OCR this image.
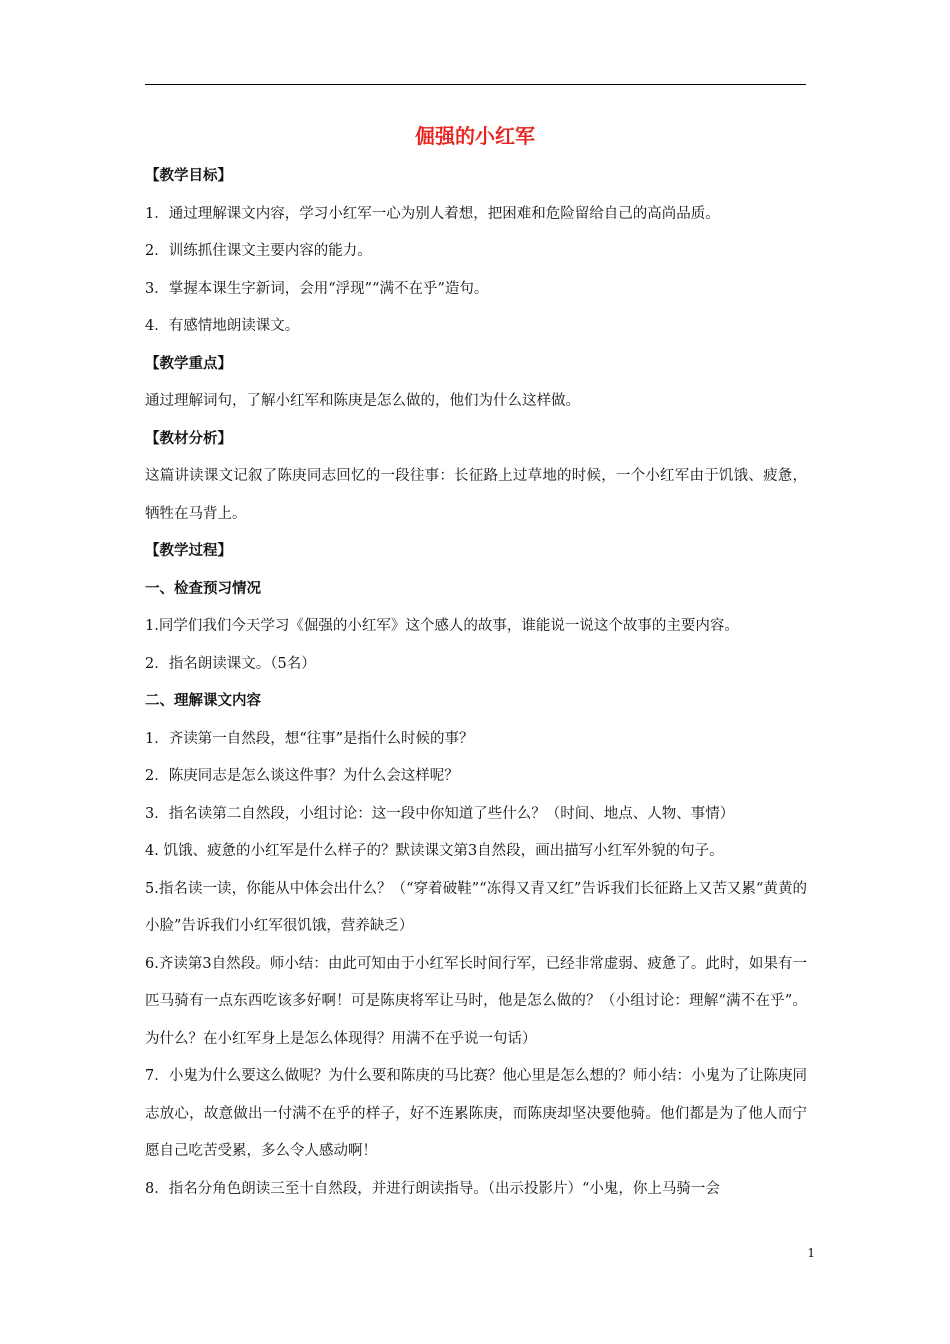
倔强的小红军

【教学目标】

1．通过理解课文内容，学习小红军一心为别人着想，把困难和危险留给自己的高尚品质。

2．训练抓住课文主要内容的能力。

3．掌握本课生字新词，会用“浮现”“满不在乎”造句。

4．有感情地朗读课文。

【教学重点】

通过理解词句，了解小红军和陈庚是怎么做的，他们为什么这样做。

【教材分析】

这篇讲读课文记叙了陈庚同志回忆的一段往事：长征路上过草地的时候，一个小红军由于饥饿、疲惫，牺牲在马背上。

【教学过程】

一、检查预习情况

1.同学们我们今天学习《倔强的小红军》这个感人的故事，谁能说一说这个故事的主要内容。

2．指名朗读课文。（5名）

二、理解课文内容

1．齐读第一自然段，想“往事”是指什么时候的事？

2．陈庚同志是怎么谈这件事？为什么会这样呢？

3．指名读第二自然段，小组讨论：这一段中你知道了些什么？（时间、地点、人物、事情）

4. 饥饿、疲惫的小红军是什么样子的？默读课文第3自然段，画出描写小红军外貌的句子。

5.指名读一读，你能从中体会出什么？（“穿着破鞋”“冻得又青又红”告诉我们长征路上又苦又累“黄黄的小脸”告诉我们小红军很饥饿，营养缺乏）

6.齐读第3自然段。师小结：由此可知由于小红军长时间行军，已经非常虚弱、疲惫了。此时，如果有一匹马骑有一点东西吃该多好啊！可是陈庚将军让马时，他是怎么做的？（小组讨论：理解“满不在乎”。为什么？在小红军身上是怎么体现得？用满不在乎说一句话）

7．小鬼为什么要这么做呢？为什么要和陈庚的马比赛？他心里是怎么想的？师小结：小鬼为了让陈庚同志放心，故意做出一付满不在乎的样子，好不连累陈庚，而陈庚却坚决要他骑。他们都是为了他人而宁愿自己吃苦受累，多么令人感动啊！

8．指名分角色朗读三至十自然段，并进行朗读指导。（出示投影片）“小鬼，你上马骑一会

1
